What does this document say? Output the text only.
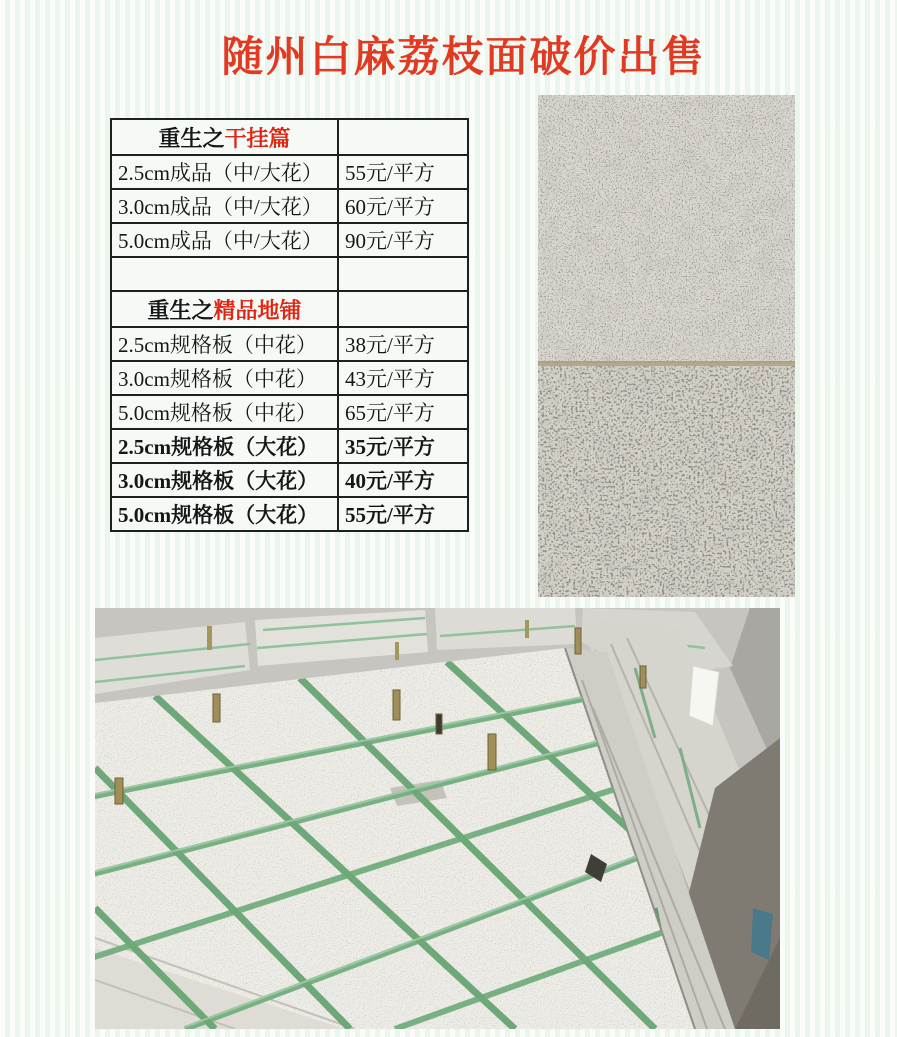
随州白麻荔枝面破价出售
重生之干挂篇	
2.5cm成品（中/大花）	55元/平方
3.0cm成品（中/大花）	60元/平方
5.0cm成品（中/大花）	90元/平方

重生之精品地铺	
2.5cm规格板（中花）	38元/平方
3.0cm规格板（中花）	43元/平方
5.0cm规格板（中花）	65元/平方
2.5cm规格板（大花）	35元/平方
3.0cm规格板（大花）	40元/平方
5.0cm规格板（大花）	55元/平方
